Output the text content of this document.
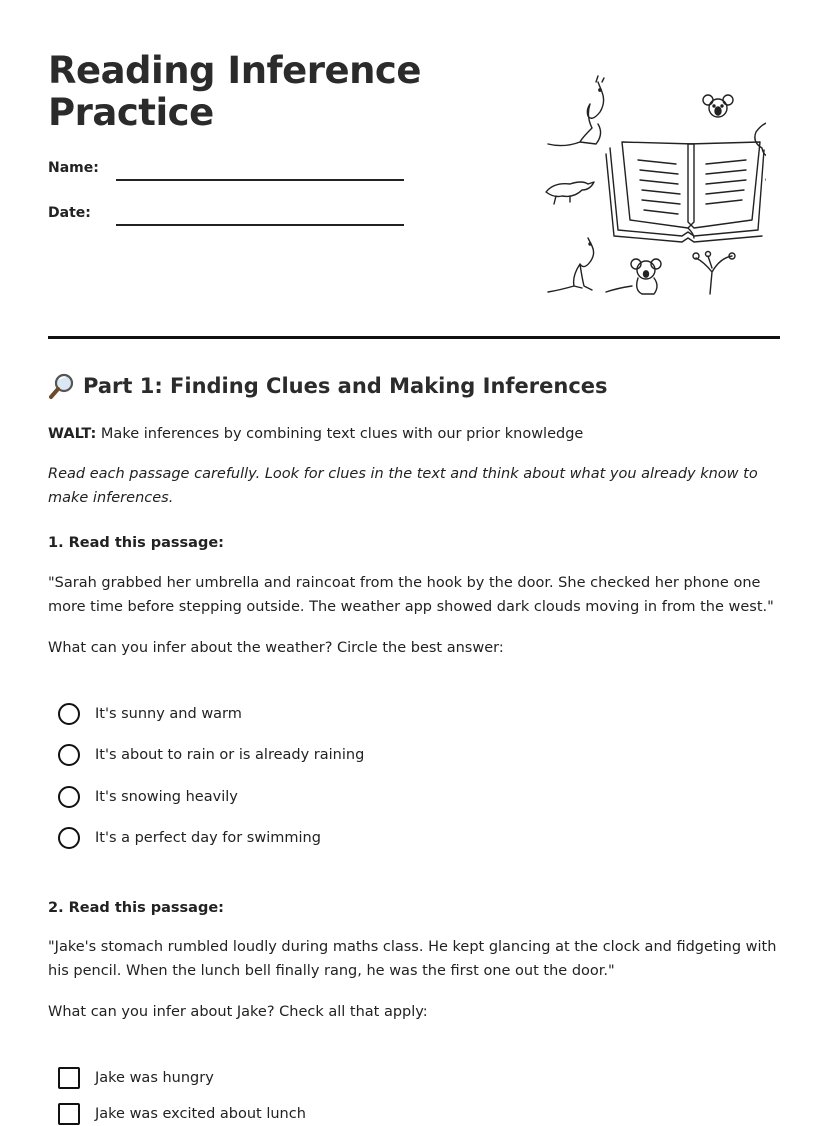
Reading Inference
Practice
Name:
Date:
Part 1: Finding Clues and Making Inferences
WALT: Make inferences by combining text clues with our prior knowledge
Read each passage carefully. Look for clues in the text and think about what you already know to make inferences.
1. Read this passage:
"Sarah grabbed her umbrella and raincoat from the hook by the door. She checked her phone one more time before stepping outside. The weather app showed dark clouds moving in from the west."
What can you infer about the weather? Circle the best answer:
It's sunny and warm
It's about to rain or is already raining
It's snowing heavily
It's a perfect day for swimming
2. Read this passage:
"Jake's stomach rumbled loudly during maths class. He kept glancing at the clock and fidgeting with his pencil. When the lunch bell finally rang, he was the first one out the door."
What can you infer about Jake? Check all that apply:
Jake was hungry
Jake was excited about lunch
